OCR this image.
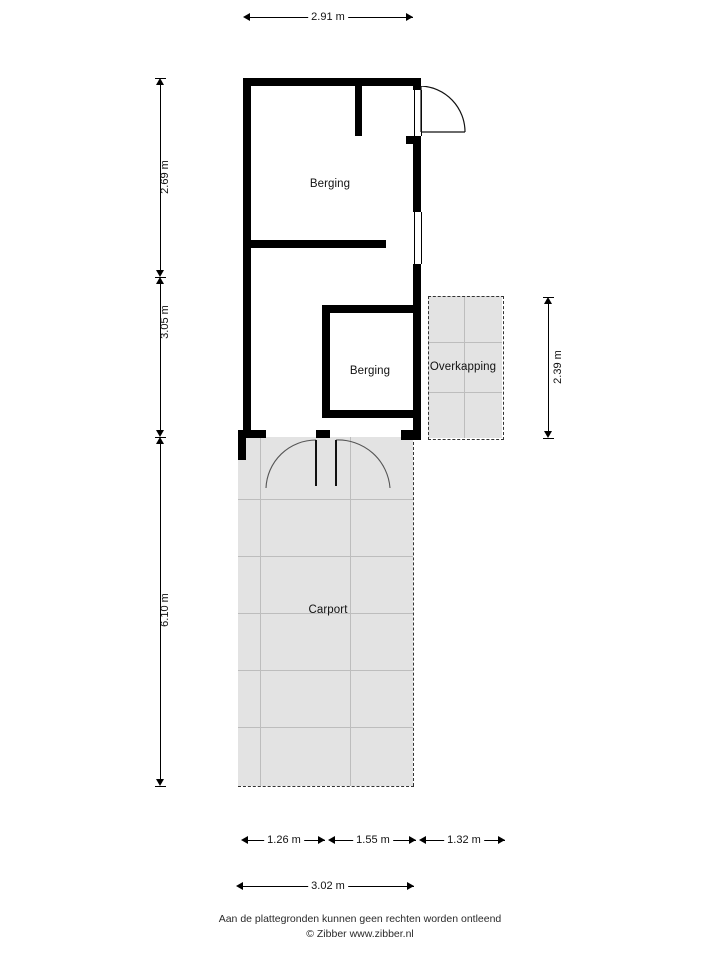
2.91 m
2.69 m
3.05 m
6.10 m
2.39 m
1.26 m	1.55 m	1.32 m
3.02 m
Berging
Berging	Overkapping
Carport
Aan de plattegronden kunnen geen rechten worden ontleend
© Zibber www.zibber.nl
